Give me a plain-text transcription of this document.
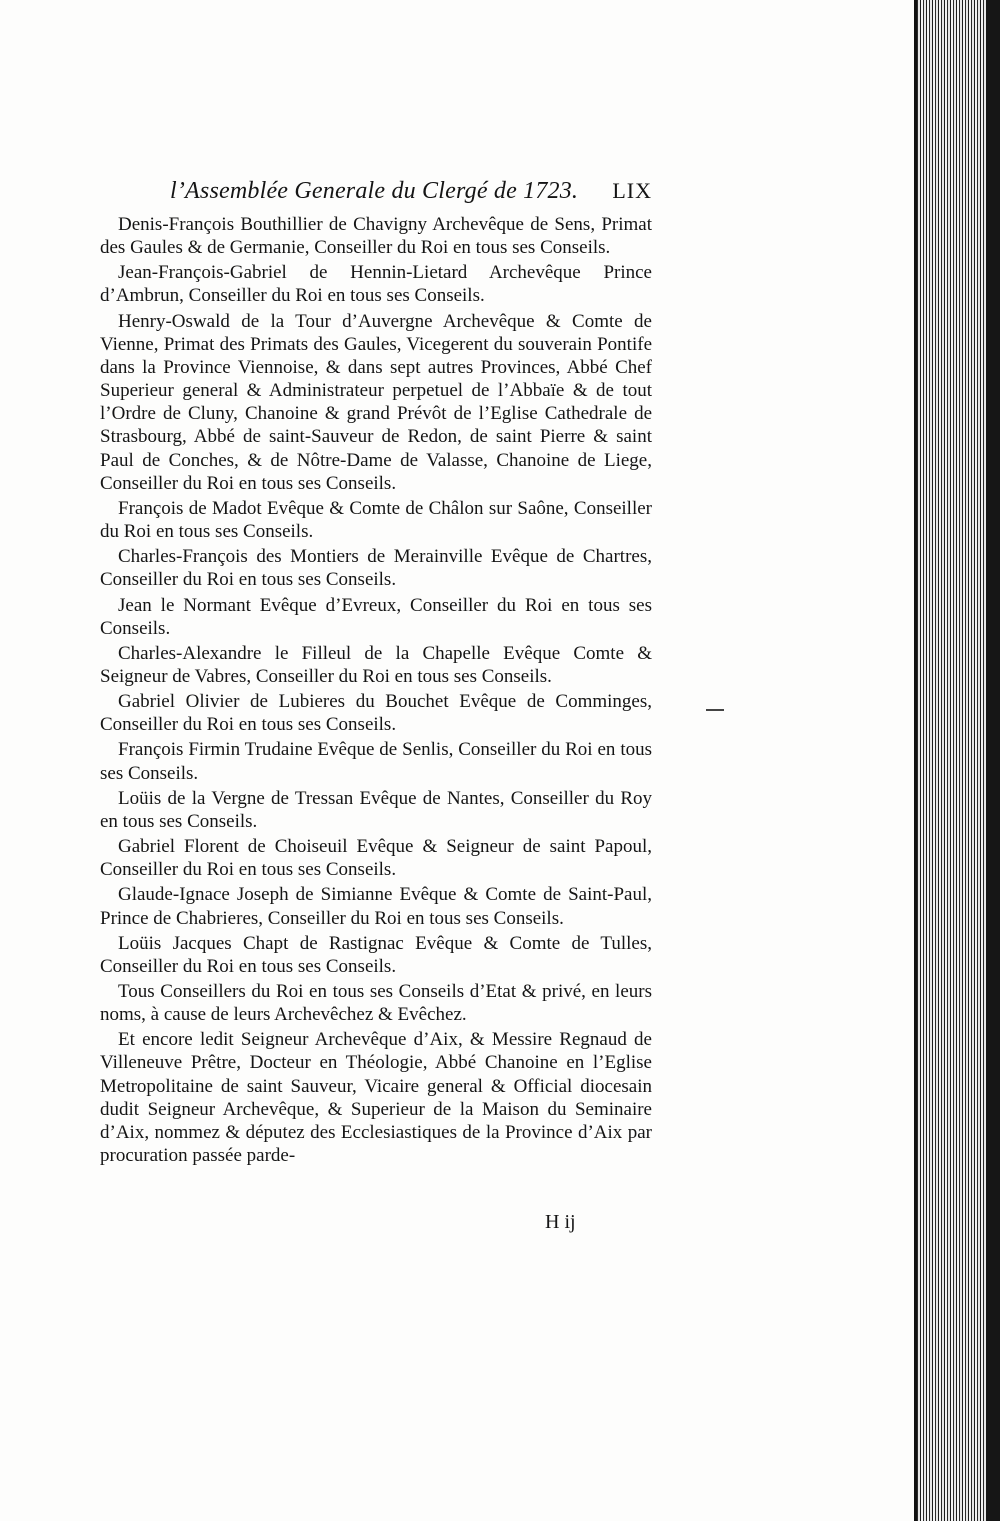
l’Assemblée Generale du Clergé de 1723. LIX

Denis-François Bouthillier de Chavigny Archevêque de Sens, Primat des Gaules & de Germanie, Conseiller du Roi en tous ses Conseils.

Jean-François-Gabriel de Hennin-Lietard Archevêque Prince d’Ambrun, Conseiller du Roi en tous ses Conseils.

Henry-Oswald de la Tour d’Auvergne Archevêque & Comte de Vienne, Primat des Primats des Gaules, Vicegerent du souverain Pontife dans la Province Viennoise, & dans sept autres Provinces, Abbé Chef Superieur general & Administrateur perpetuel de l’Abbaïe & de tout l’Ordre de Cluny, Chanoine & grand Prévôt de l’Eglise Cathedrale de Strasbourg, Abbé de saint-Sauveur de Redon, de saint Pierre & saint Paul de Conches, & de Nôtre-Dame de Valasse, Chanoine de Liege, Conseiller du Roi en tous ses Conseils.

François de Madot Evêque & Comte de Châlon sur Saône, Conseiller du Roi en tous ses Conseils.

Charles-François des Montiers de Merainville Evêque de Chartres, Conseiller du Roi en tous ses Conseils.

Jean le Normant Evêque d’Evreux, Conseiller du Roi en tous ses Conseils.

Charles-Alexandre le Filleul de la Chapelle Evêque Comte & Seigneur de Vabres, Conseiller du Roi en tous ses Conseils.

Gabriel Olivier de Lubieres du Bouchet Evêque de Comminges, Conseiller du Roi en tous ses Conseils.

François Firmin Trudaine Evêque de Senlis, Conseiller du Roi en tous ses Conseils.

Loüis de la Vergne de Tressan Evêque de Nantes, Conseiller du Roy en tous ses Conseils.

Gabriel Florent de Choiseuil Evêque & Seigneur de saint Papoul, Conseiller du Roi en tous ses Conseils.

Glaude-Ignace Joseph de Simianne Evêque & Comte de Saint-Paul, Prince de Chabrieres, Conseiller du Roi en tous ses Conseils.

Loüis Jacques Chapt de Rastignac Evêque & Comte de Tulles, Conseiller du Roi en tous ses Conseils.

Tous Conseillers du Roi en tous ses Conseils d’Etat & privé, en leurs noms, à cause de leurs Archevêchez & Evêchez.

Et encore ledit Seigneur Archevêque d’Aix, & Messire Regnaud de Villeneuve Prêtre, Docteur en Théologie, Abbé Chanoine en l’Eglise Metropolitaine de saint Sauveur, Vicaire general & Official diocesain dudit Seigneur Archevêque, & Superieur de la Maison du Seminaire d’Aix, nommez & députez des Ecclesiastiques de la Province d’Aix par procuration passée parde-

H ij
